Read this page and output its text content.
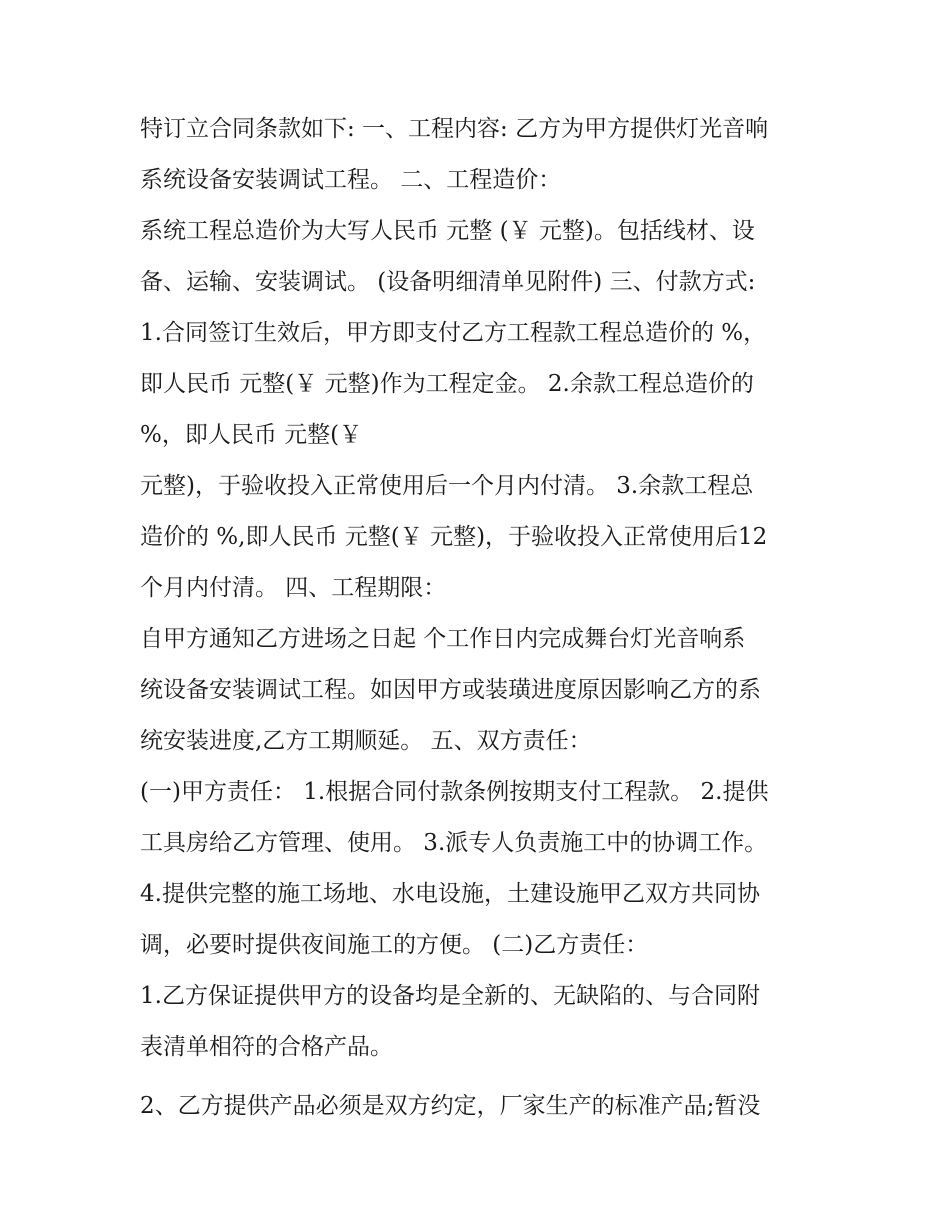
特订立合同条款如下: 一、工程内容: 乙方为甲方提供灯光音响
系统设备安装调试工程。 二、工程造价：
系统工程总造价为大写人民币 元整 (￥ 元整)。包括线材、设
备、运输、安装调试。 (设备明细清单见附件) 三、付款方式:
1.合同签订生效后，甲方即支付乙方工程款工程总造价的 %，
即人民币 元整(￥ 元整)作为工程定金。 2.余款工程总造价的
%，即人民币 元整(￥
元整)，于验收投入正常使用后一个月内付清。 3.余款工程总
造价的 %,即人民币 元整(￥ 元整)，于验收投入正常使用后12
个月内付清。 四、工程期限：
自甲方通知乙方进场之日起 个工作日内完成舞台灯光音响系
统设备安装调试工程。如因甲方或装璜进度原因影响乙方的系
统安装进度,乙方工期顺延。 五、双方责任：
(一)甲方责任： 1.根据合同付款条例按期支付工程款。 2.提供
工具房给乙方管理、使用。 3.派专人负责施工中的协调工作。
4.提供完整的施工场地、水电设施，土建设施甲乙双方共同协
调，必要时提供夜间施工的方便。 (二)乙方责任：
1.乙方保证提供甲方的设备均是全新的、无缺陷的、与合同附
表清单相符的合格产品。
2、乙方提供产品必须是双方约定，厂家生产的标准产品;暂没
